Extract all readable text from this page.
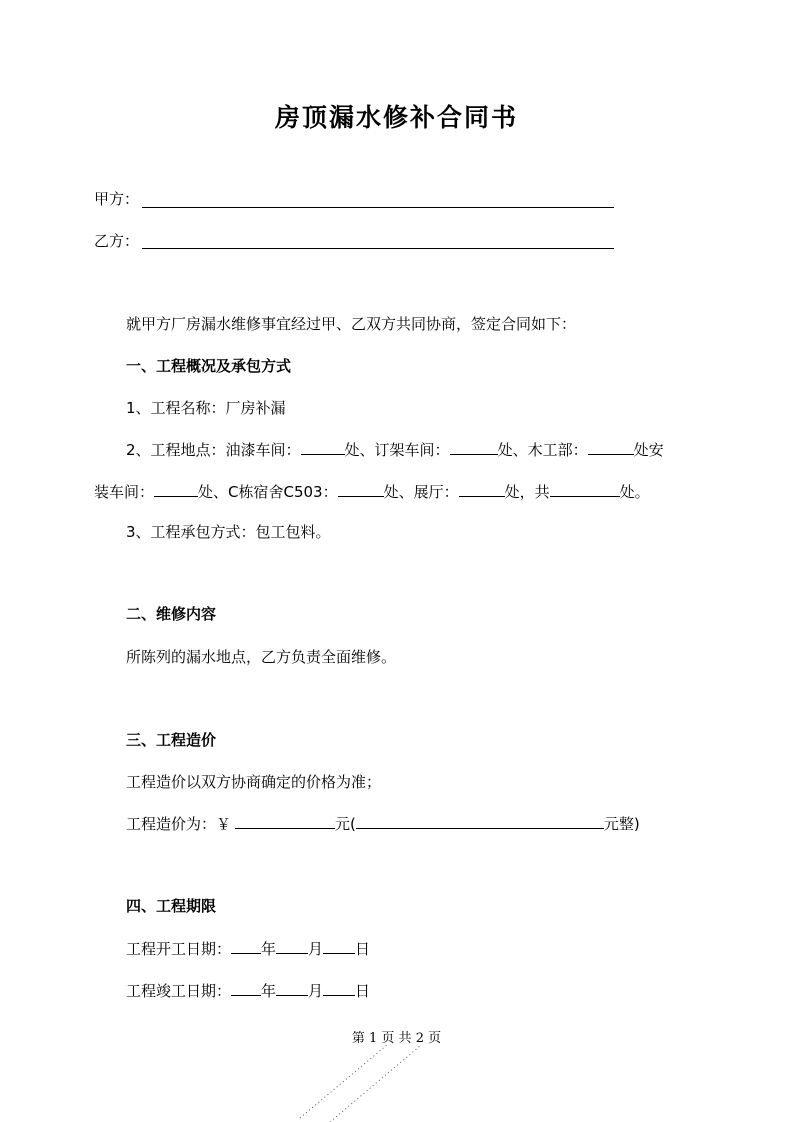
房顶漏水修补合同书
甲方：
乙方：
就甲方厂房漏水维修事宜经过甲、乙双方共同协商，签定合同如下：
一、工程概况及承包方式
1、工程名称：厂房补漏
2、工程地点：油漆车间：	处、订架车间：	处、木工部：	处安
装车间：	处、C栋宿舍C503：	处、展厅：	处，共	处。
3、工程承包方式：包工包料。
二、维修内容
所陈列的漏水地点，乙方负责全面维修。
三、工程造价
工程造价以双方协商确定的价格为准；
工程造价为：￥	元(	元整)
四、工程期限
工程开工日期： 年 月 日
工程竣工日期： 年 月 日
第 1 页 共 2 页
